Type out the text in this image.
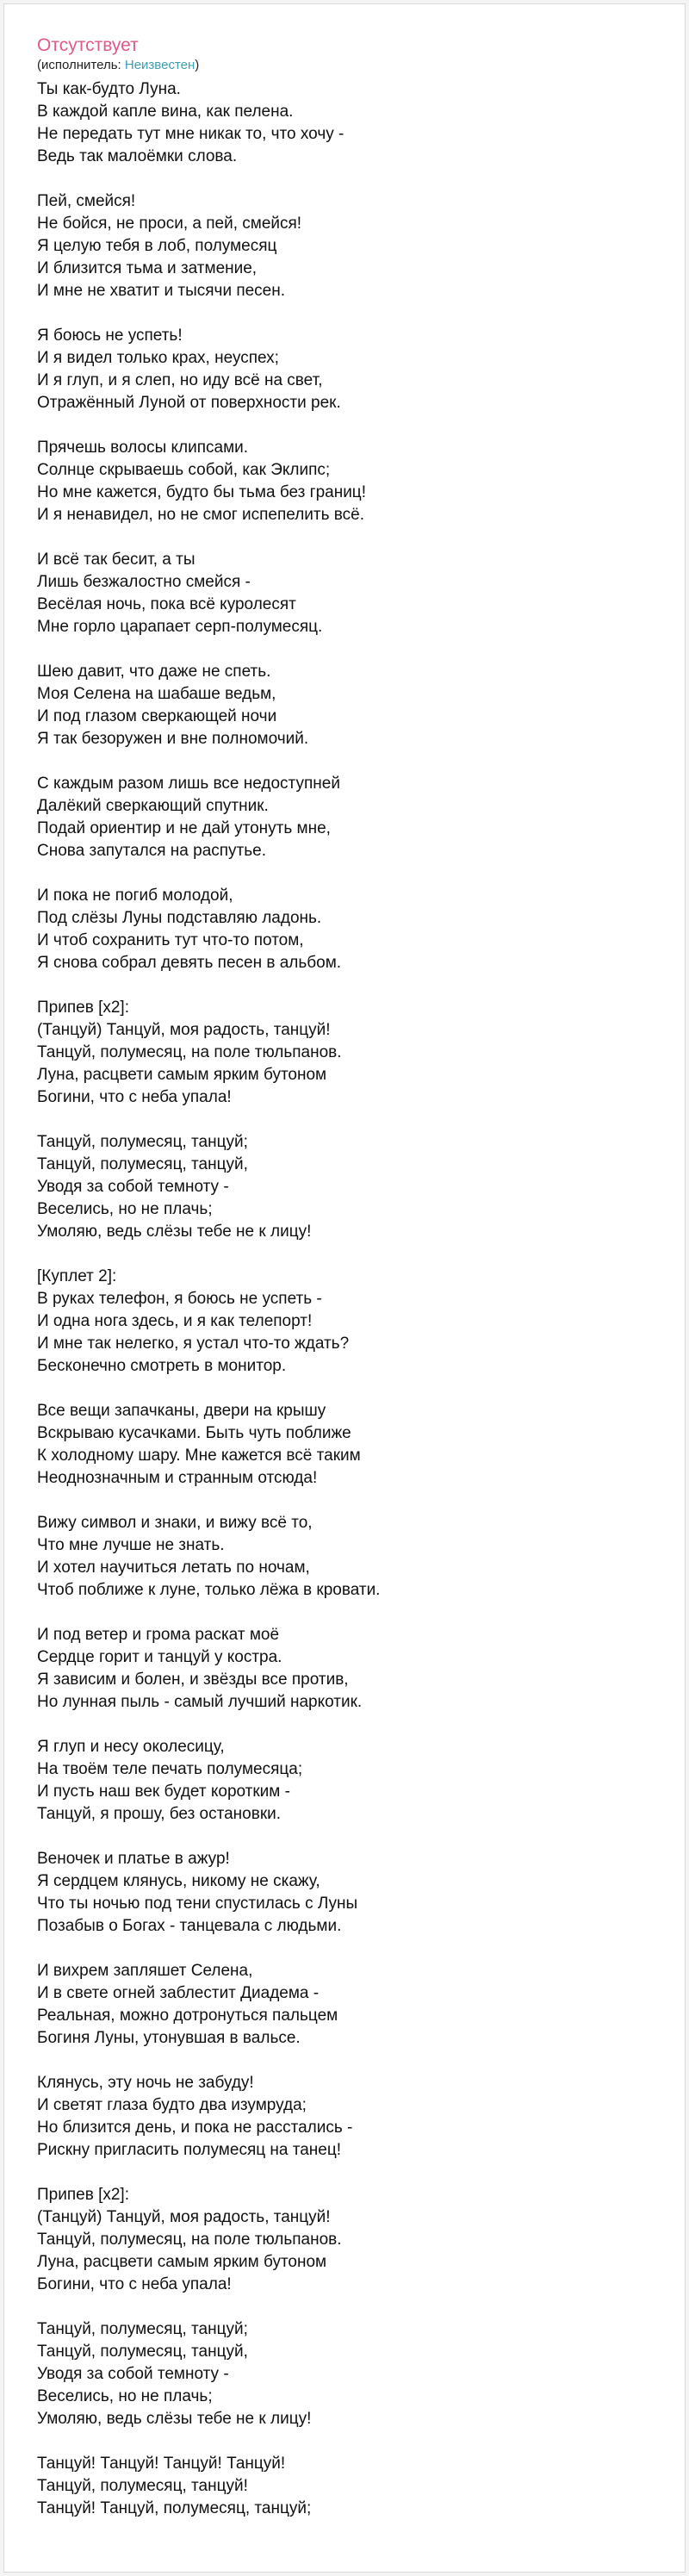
Отсутствует
(исполнитель: Неизвестен)
Ты как-будто Луна.
В каждой капле вина, как пелена.
Не передать тут мне никак то, что хочу -
Ведь так малоёмки слова.
Пей, смейся!
Не бойся, не проси, а пей, смейся!
Я целую тебя в лоб, полумесяц
И близится тьма и затмение,
И мне не хватит и тысячи песен.
Я боюсь не успеть!
И я видел только крах, неуспех;
И я глуп, и я слеп, но иду всё на свет,
Отражённый Луной от поверхности рек.
Прячешь волосы клипсами.
Солнце скрываешь собой, как Эклипс;
Но мне кажется, будто бы тьма без границ!
И я ненавидел, но не смог испепелить всё.
И всё так бесит, а ты
Лишь безжалостно смейся -
Весёлая ночь, пока всё куролесят
Мне горло царапает серп-полумесяц.
Шею давит, что даже не спеть.
Моя Селена на шабаше ведьм,
И под глазом сверкающей ночи
Я так безоружен и вне полномочий.
С каждым разом лишь все недоступней
Далёкий сверкающий спутник.
Подай ориентир и не дай утонуть мне,
Снова запутался на распутье.
И пока не погиб молодой,
Под слёзы Луны подставляю ладонь.
И чтоб сохранить тут что-то потом,
Я снова собрал девять песен в альбом.
Припев [x2]:
(Танцуй) Танцуй, моя радость, танцуй!
Танцуй, полумесяц, на поле тюльпанов.
Луна, расцвети самым ярким бутоном
Богини, что с неба упала!
Танцуй, полумесяц, танцуй;
Танцуй, полумесяц, танцуй,
Уводя за собой темноту -
Веселись, но не плачь;
Умоляю, ведь слёзы тебе не к лицу!
[Куплет 2]:
В руках телефон, я боюсь не успеть -
И одна нога здесь, и я как телепорт!
И мне так нелегко, я устал что-то ждать?
Бесконечно смотреть в монитор.
Все вещи запачканы, двери на крышу
Вскрываю кусачками. Быть чуть поближе
К холодному шару. Мне кажется всё таким
Неоднозначным и странным отсюда!
Вижу символ и знаки, и вижу всё то,
Что мне лучше не знать.
И хотел научиться летать по ночам,
Чтоб поближе к луне, только лёжа в кровати.
И под ветер и грома раскат моё
Сердце горит и танцуй у костра.
Я зависим и болен, и звёзды все против,
Но лунная пыль - самый лучший наркотик.
Я глуп и несу околесицу,
На твоём теле печать полумесяца;
И пусть наш век будет коротким -
Танцуй, я прошу, без остановки.
Веночек и платье в ажур!
Я сердцем клянусь, никому не скажу,
Что ты ночью под тени спустилась с Луны
Позабыв о Богах - танцевала с людьми.
И вихрем запляшет Селена,
И в свете огней заблестит Диадема -
Реальная, можно дотронуться пальцем
Богиня Луны, утонувшая в вальсе.
Клянусь, эту ночь не забуду!
И светят глаза будто два изумруда;
Но близится день, и пока не расстались -
Рискну пригласить полумесяц на танец!
Припев [x2]:
(Танцуй) Танцуй, моя радость, танцуй!
Танцуй, полумесяц, на поле тюльпанов.
Луна, расцвети самым ярким бутоном
Богини, что с неба упала!
Танцуй, полумесяц, танцуй;
Танцуй, полумесяц, танцуй,
Уводя за собой темноту -
Веселись, но не плачь;
Умоляю, ведь слёзы тебе не к лицу!
Танцуй! Танцуй! Танцуй! Танцуй!
Танцуй, полумесяц, танцуй!
Танцуй! Танцуй, полумесяц, танцуй;
